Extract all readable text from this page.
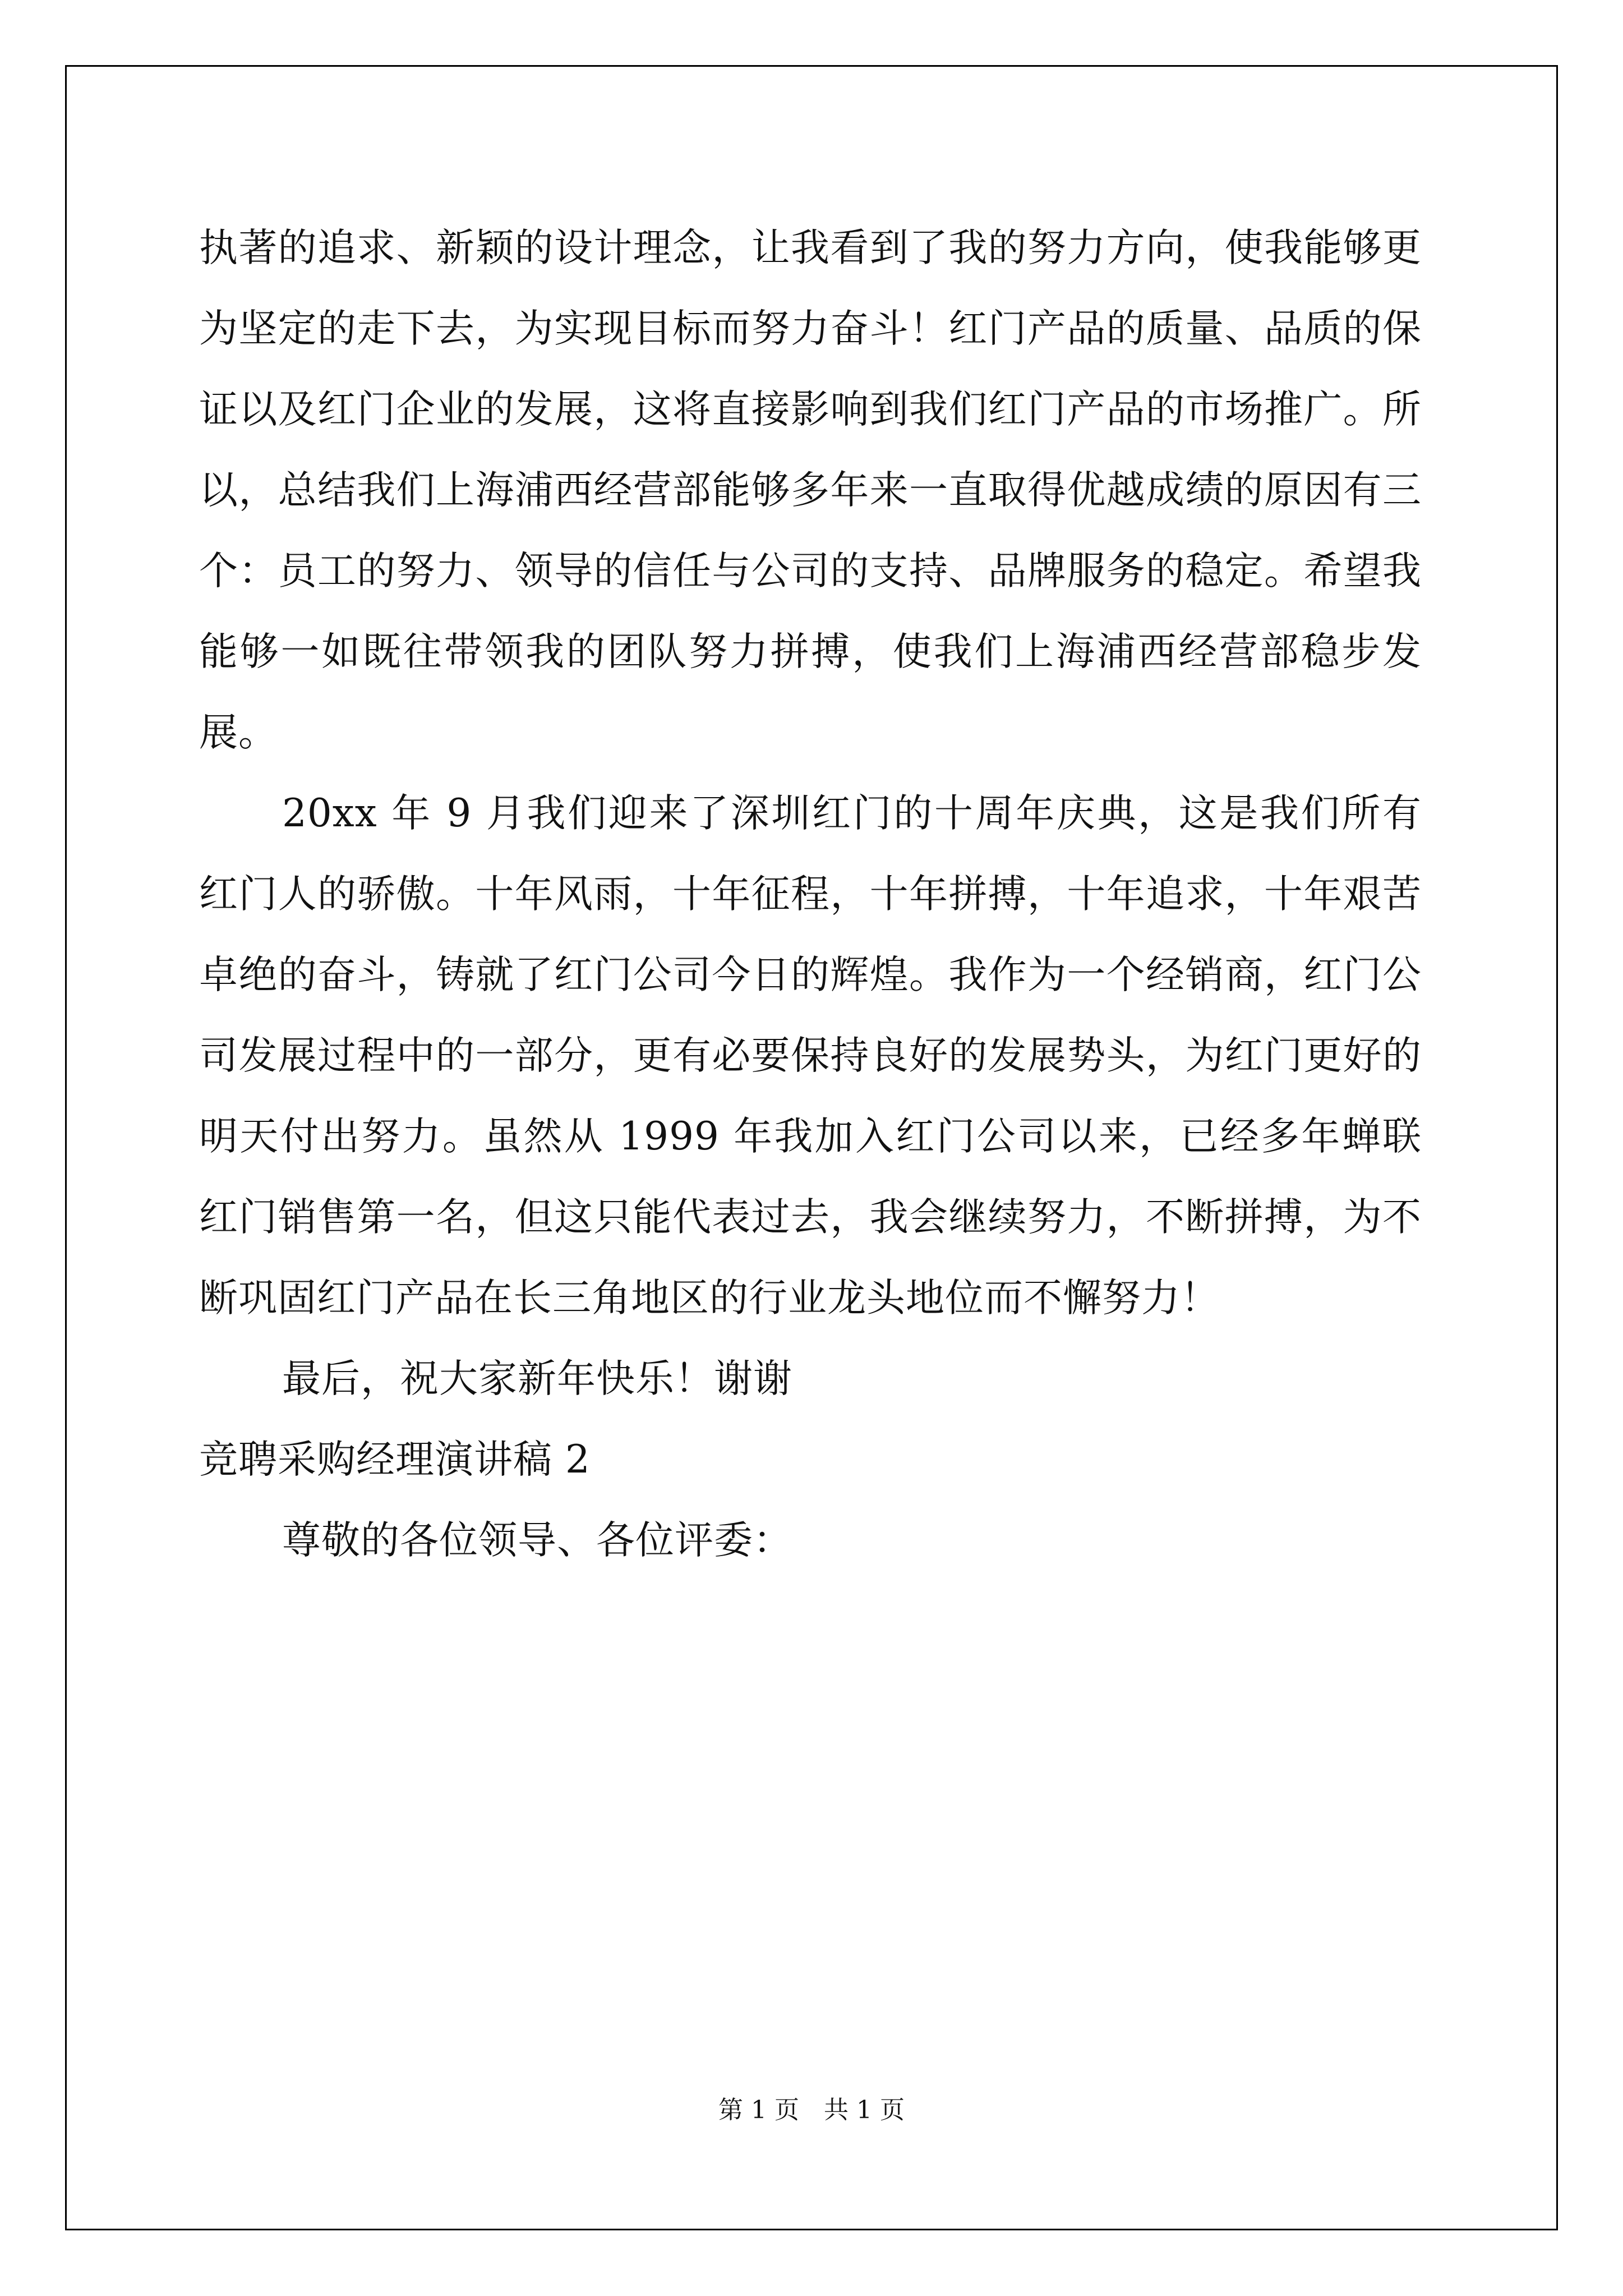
执著的追求、新颖的设计理念，让我看到了我的努力方向，使我能够更为坚定的走下去，为实现目标而努力奋斗！红门产品的质量、品质的保证以及红门企业的发展，这将直接影响到我们红门产品的市场推广。所以，总结我们上海浦西经营部能够多年来一直取得优越成绩的原因有三个：员工的努力、领导的信任与公司的支持、品牌服务的稳定。希望我能够一如既往带领我的团队努力拼搏，使我们上海浦西经营部稳步发展。

20xx 年 9 月我们迎来了深圳红门的十周年庆典，这是我们所有红门人的骄傲。十年风雨，十年征程，十年拼搏，十年追求，十年艰苦卓绝的奋斗，铸就了红门公司今日的辉煌。我作为一个经销商，红门公司发展过程中的一部分，更有必要保持良好的发展势头，为红门更好的明天付出努力。虽然从 1999 年我加入红门公司以来，已经多年蝉联红门销售第一名，但这只能代表过去，我会继续努力，不断拼搏，为不断巩固红门产品在长三角地区的行业龙头地位而不懈努力！

最后，祝大家新年快乐！谢谢

竞聘采购经理演讲稿 2

尊敬的各位领导、各位评委：

第 1 页　共 1 页
